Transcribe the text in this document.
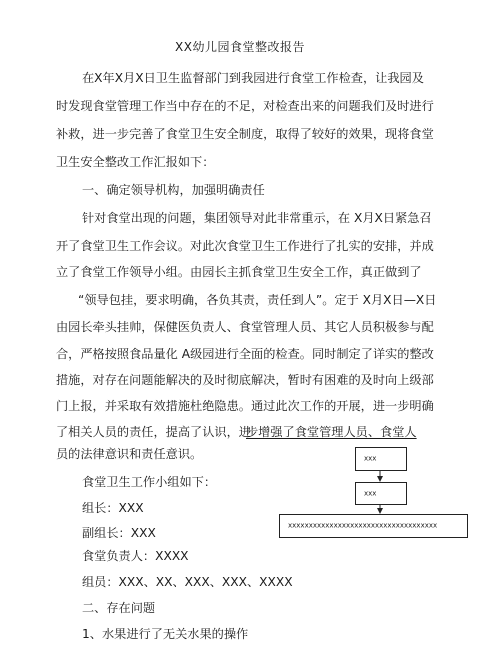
XX幼儿园食堂整改报告
在X年X月X日卫生监督部门到我园进行食堂工作检查，让我园及
时发现食堂管理工作当中存在的不足，对检查出来的问题我们及时进行
补救，进一步完善了食堂卫生安全制度，取得了较好的效果，现将食堂
卫生安全整改工作汇报如下：
一、确定领导机构，加强明确责任
针对食堂出现的问题，集团领导对此非常重示，在 X月X日紧急召
开了食堂卫生工作会议。对此次食堂卫生工作进行了扎实的安排，并成
立了食堂工作领导小组。由园长主抓食堂卫生安全工作，真正做到了
“领导包挂，要求明确，各负其责，责任到人”。定于 X月X日—X日
由园长牵头挂帅，保健医负责人、食堂管理人员、其它人员积极参与配
合，严格按照食品量化 A级园进行全面的检查。同时制定了详实的整改
措施，对存在问题能解决的及时彻底解决，暂时有困难的及时向上级部
门上报，并采取有效措施杜绝隐患。通过此次工作的开展，进一步明确
了相关人员的责任，提高了认识，进
步增强了食堂管理人员、食堂人
员的法律意识和责任意识。
食堂卫生工作小组如下：
组长：XXX
副组长：XXX
食堂负责人：XXXX
组员：XXX、XX、XXX、XXX、XXXX
二、存在问题
1、水果进行了无关水果的操作
xxx
xxx
xxxxxxxxxxxxxxxxxxxxxxxxxxxxxxxxxxxx
